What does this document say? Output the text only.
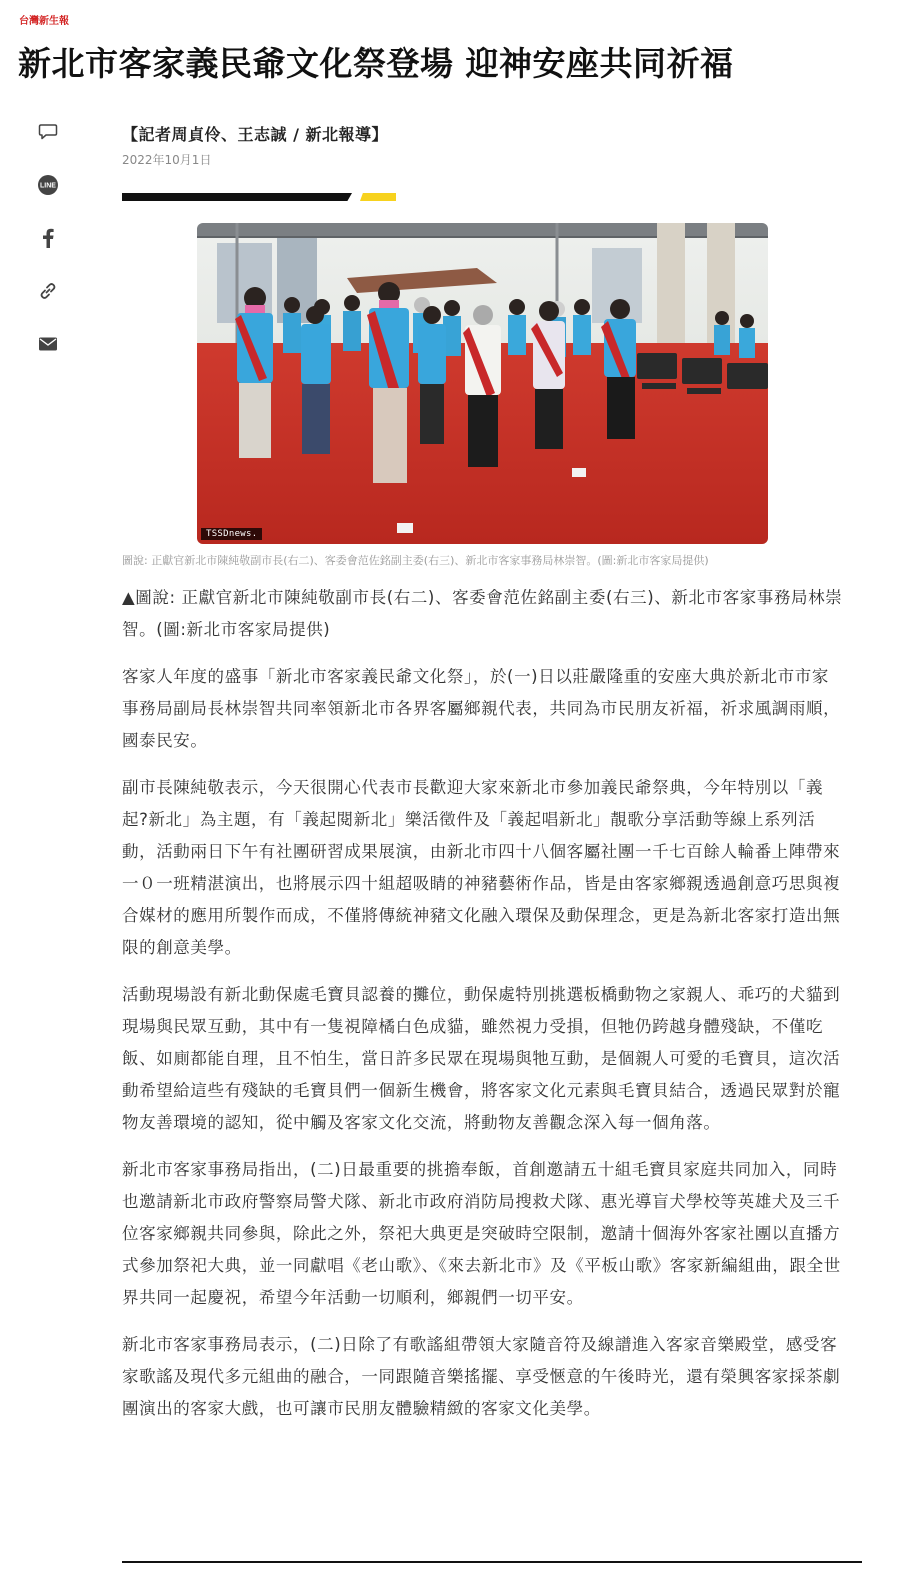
台灣新生報
新北市客家義民爺文化祭登場 迎神安座共同祈福
LINE
【記者周貞伶、王志誠 / 新北報導】
2022年10月1日
TSSDnews.
圖說: 正獻官新北市陳純敬副市長(右二)、客委會范佐銘副主委(右三)、新北市客家事務局林崇智。(圖:新北市客家局提供)

▲圖說: 正獻官新北市陳純敬副市長(右二)、客委會范佐銘副主委(右三)、新北市客家事務局林崇智。(圖:新北市客家局提供)

客家人年度的盛事「新北市客家義民爺文化祭」，於(一)日以莊嚴隆重的安座大典於新北市市家事務局副局長林崇智共同率領新北市各界客屬鄉親代表，共同為市民朋友祈福，祈求風調雨順，國泰民安。

副市長陳純敬表示，今天很開心代表市長歡迎大家來新北市參加義民爺祭典，今年特別以「義起?新北」為主題，有「義起閱新北」樂活徵件及「義起唱新北」靚歌分享活動等線上系列活動，活動兩日下午有社團研習成果展演，由新北市四十八個客屬社團一千七百餘人輪番上陣帶來一０一班精湛演出，也將展示四十組超吸睛的神豬藝術作品，皆是由客家鄉親透過創意巧思與複合媒材的應用所製作而成，不僅將傳統神豬文化融入環保及動保理念，更是為新北客家打造出無限的創意美學。

活動現場設有新北動保處毛寶貝認養的攤位，動保處特別挑選板橋動物之家親人、乖巧的犬貓到現場與民眾互動，其中有一隻視障橘白色成貓，雖然視力受損，但牠仍跨越身體殘缺，不僅吃飯、如廁都能自理，且不怕生，當日許多民眾在現場與牠互動，是個親人可愛的毛寶貝，這次活動希望給這些有殘缺的毛寶貝們一個新生機會，將客家文化元素與毛寶貝結合，透過民眾對於寵物友善環境的認知，從中觸及客家文化交流，將動物友善觀念深入每一個角落。

新北市客家事務局指出，(二)日最重要的挑擔奉飯，首創邀請五十組毛寶貝家庭共同加入，同時也邀請新北市政府警察局警犬隊、新北市政府消防局搜救犬隊、惠光導盲犬學校等英雄犬及三千位客家鄉親共同參與，除此之外，祭祀大典更是突破時空限制，邀請十個海外客家社團以直播方式參加祭祀大典，並一同獻唱《老山歌》、《來去新北市》及《平板山歌》客家新編組曲，跟全世界共同一起慶祝，希望今年活動一切順利，鄉親們一切平安。

新北市客家事務局表示，(二)日除了有歌謠組帶領大家隨音符及線譜進入客家音樂殿堂，感受客家歌謠及現代多元組曲的融合，一同跟隨音樂搖擺、享受愜意的午後時光，還有榮興客家採茶劇團演出的客家大戲，也可讓市民朋友體驗精緻的客家文化美學。
